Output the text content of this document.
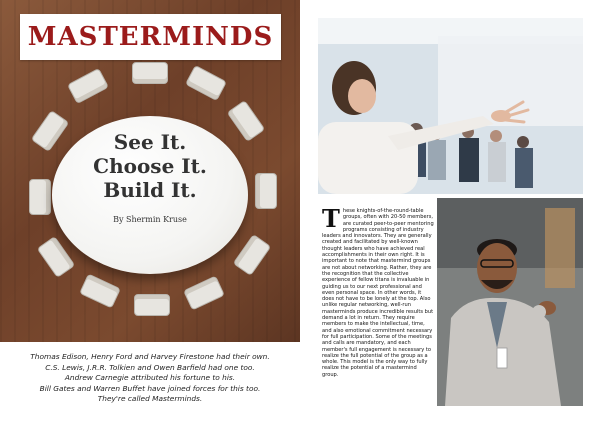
See It.
Choose It.
Build It.
By Shermin Kruse
MASTERMINDS
Thomas Edison, Henry Ford and Harvey Firestone had their own.
C.S. Lewis, J.R.R. Tolkien and Owen Barfield had one too.
Andrew Carnegie attributed his fortune to his.
Bill Gates and Warren Buffet have joined forces for this too.
They're called Masterminds.
These knights-of-the-round-table groups, often with 20-50 members, are curated peer-to-peer mentoring programs consisting of industry leaders and innovators. They are generally created and facilitated by well-known thought leaders who have achieved real accomplishments in their own right. It is important to note that mastermind groups are not about networking. Rather, they are the recognition that the collective experience of fellow titans is invaluable in guiding us to our next professional and even personal space. In other words, it does not have to be lonely at the top. Also unlike regular networking, well-run masterminds produce incredible results but demand a lot in return. They require members to make the intellectual, time, and also emotional commitment necessary for full participation. Some of the meetings and calls are mandatory, and each member's full engagement is necessary to realize the full potential of the group as a whole. This model is the only way to fully realize the potential of a mastermind group.
